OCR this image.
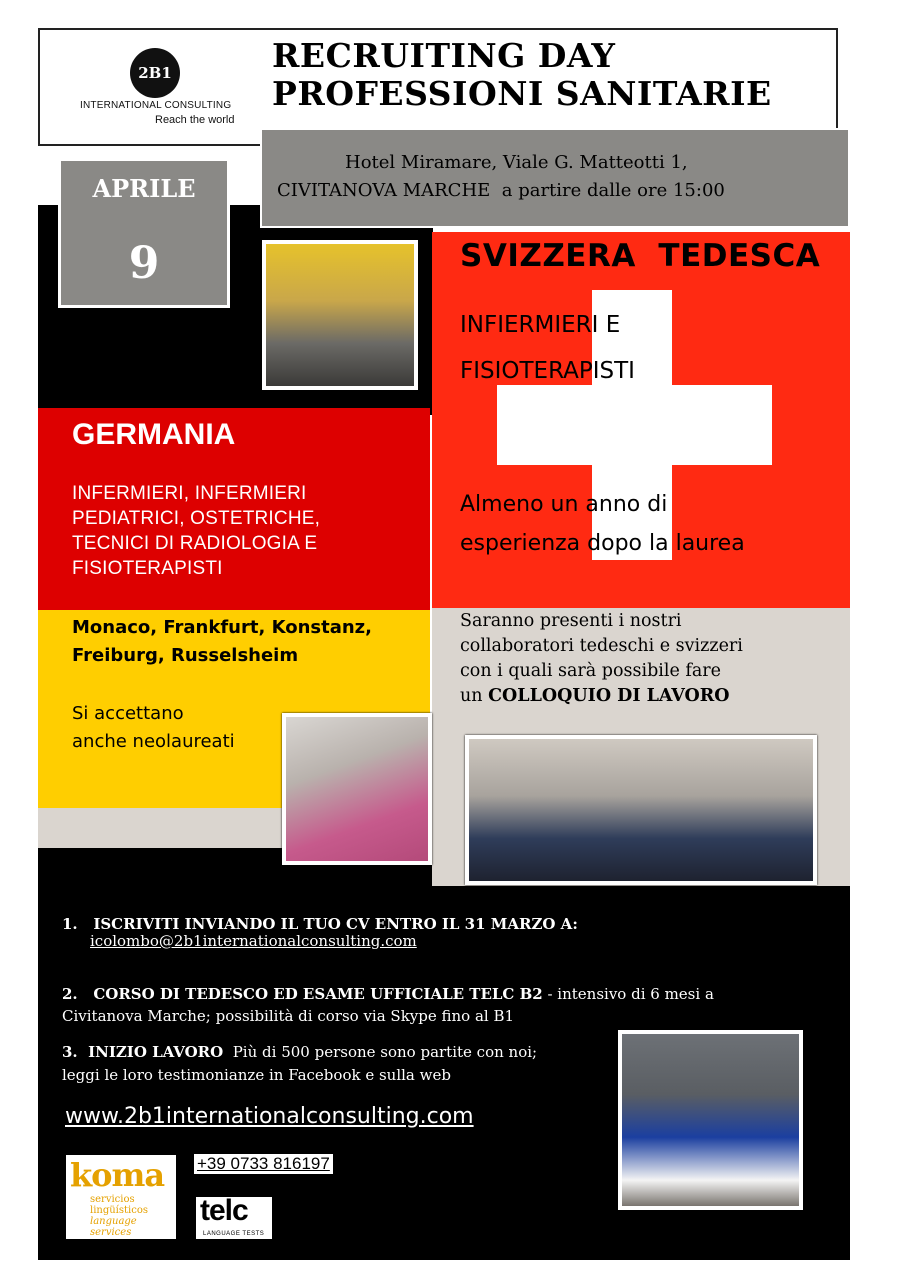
2B1
INTERNATIONAL CONSULTING
Reach the world
RECRUITING DAY
PROFESSIONI SANITARIE
Hotel Miramare, Viale G. Matteotti 1,
CIVITANOVA MARCHE  a partire dalle ore 15:00
APRILE
9
GERMANIA
INFERMIERI, INFERMIERI
PEDIATRICI, OSTETRICHE,
TECNICI DI RADIOLOGIA E
FISIOTERAPISTI
Monaco, Frankfurt, Konstanz,
Freiburg, Russelsheim
Si accettano
anche neolaureati
SVIZZERA  TEDESCA
INFIERMIERI E
FISIOTERAPISTI
Almeno un anno di
esperienza dopo la laurea
Saranno presenti i nostri
collaboratori tedeschi e svizzeri
con i quali sarà possibile fare
un COLLOQUIO DI LAVORO
1.   ISCRIVITI INVIANDO IL TUO CV ENTRO IL 31 MARZO A:
icolombo@2b1internationalconsulting.com
2.   CORSO DI TEDESCO ED ESAME UFFICIALE TELC B2 - intensivo di 6 mesi a
Civitanova Marche; possibilità di corso via Skype fino al B1
3.  INIZIO LAVORO  Più di 500 persone sono partite con noi;
leggi le loro testimonianze in Facebook e sulla web
www.2b1internationalconsulting.com
+39 0733 816197
koma
servicios
lingüísticos
language
services
telc
LANGUAGE TESTS
